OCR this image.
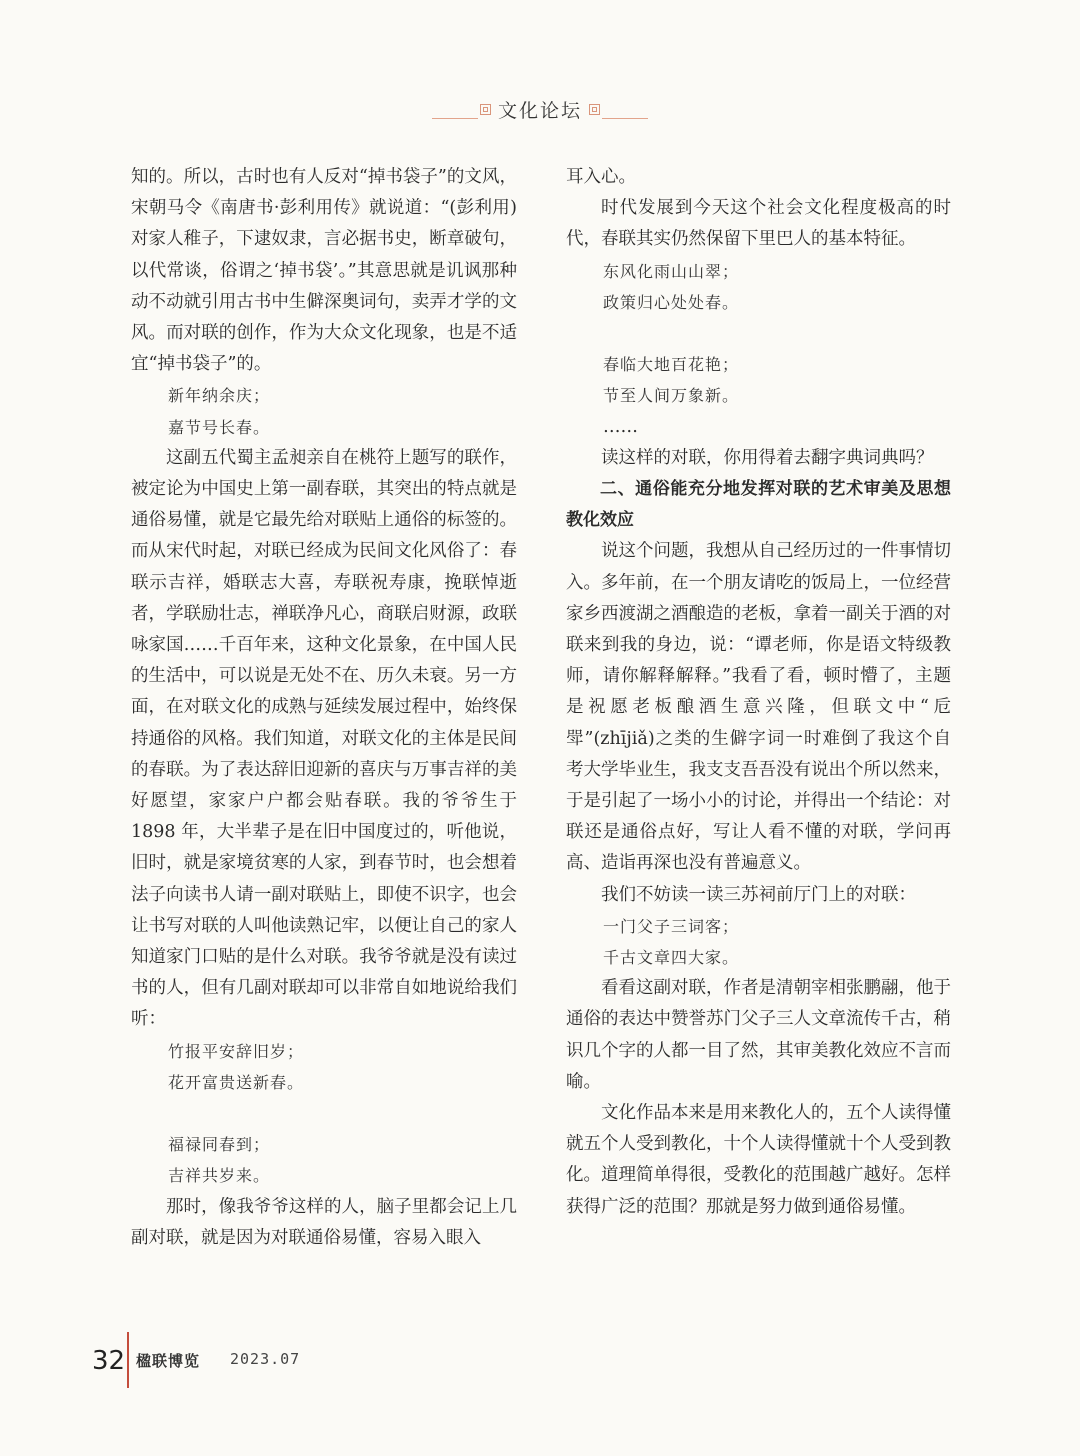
文化论坛

知的。所以，古时也有人反对“掉书袋子”的文风，宋朝马令《南唐书·彭利用传》就说道：“(彭利用)对家人稚子，下逮奴隶，言必据书史，断章破句，以代常谈，俗谓之‘掉书袋’。”其意思就是讥讽那种动不动就引用古书中生僻深奥词句，卖弄才学的文风。而对联的创作，作为大众文化现象，也是不适宜“掉书袋子”的。

新年纳余庆；

嘉节号长春。

这副五代蜀主孟昶亲自在桃符上题写的联作，被定论为中国史上第一副春联，其突出的特点就是通俗易懂，就是它最先给对联贴上通俗的标签的。而从宋代时起，对联已经成为民间文化风俗了：春联示吉祥，婚联志大喜，寿联祝寿康，挽联悼逝者，学联励壮志，禅联净凡心，商联启财源，政联咏家国……千百年来，这种文化景象，在中国人民的生活中，可以说是无处不在、历久未衰。另一方面，在对联文化的成熟与延续发展过程中，始终保持通俗的风格。我们知道，对联文化的主体是民间的春联。为了表达辞旧迎新的喜庆与万事吉祥的美好愿望，家家户户都会贴春联。我的爷爷生于 1898 年，大半辈子是在旧中国度过的，听他说，旧时，就是家境贫寒的人家，到春节时，也会想着法子向读书人请一副对联贴上，即使不识字，也会让书写对联的人叫他读熟记牢，以便让自己的家人知道家门口贴的是什么对联。我爷爷就是没有读过书的人，但有几副对联却可以非常自如地说给我们听：

竹报平安辞旧岁；

花开富贵送新春。

福禄同春到；

吉祥共岁来。

那时，像我爷爷这样的人，脑子里都会记上几副对联，就是因为对联通俗易懂，容易入眼入

耳入心。

时代发展到今天这个社会文化程度极高的时代，春联其实仍然保留下里巴人的基本特征。

东风化雨山山翠；

政策归心处处春。

春临大地百花艳；

节至人间万象新。

……

读这样的对联，你用得着去翻字典词典吗？

二、通俗能充分地发挥对联的艺术审美及思想教化效应

说这个问题，我想从自己经历过的一件事情切入。多年前，在一个朋友请吃的饭局上，一位经营家乡西渡湖之酒酿造的老板，拿着一副关于酒的对联来到我的身边，说：“谭老师，你是语文特级教师，请你解释解释。”我看了看，顿时懵了，主题是祝愿老板酿酒生意兴隆，但联文中“卮斝”(zhījiǎ)之类的生僻字词一时难倒了我这个自考大学毕业生，我支支吾吾没有说出个所以然来，于是引起了一场小小的讨论，并得出一个结论：对联还是通俗点好，写让人看不懂的对联，学问再高、造诣再深也没有普遍意义。

我们不妨读一读三苏祠前厅门上的对联：

一门父子三词客；

千古文章四大家。

看看这副对联，作者是清朝宰相张鹏翮，他于通俗的表达中赞誉苏门父子三人文章流传千古，稍识几个字的人都一目了然，其审美教化效应不言而喻。

文化作品本来是用来教化人的，五个人读得懂就五个人受到教化，十个人读得懂就十个人受到教化。道理简单得很，受教化的范围越广越好。怎样获得广泛的范围？那就是努力做到通俗易懂。

32 楹联博览 2023.07
